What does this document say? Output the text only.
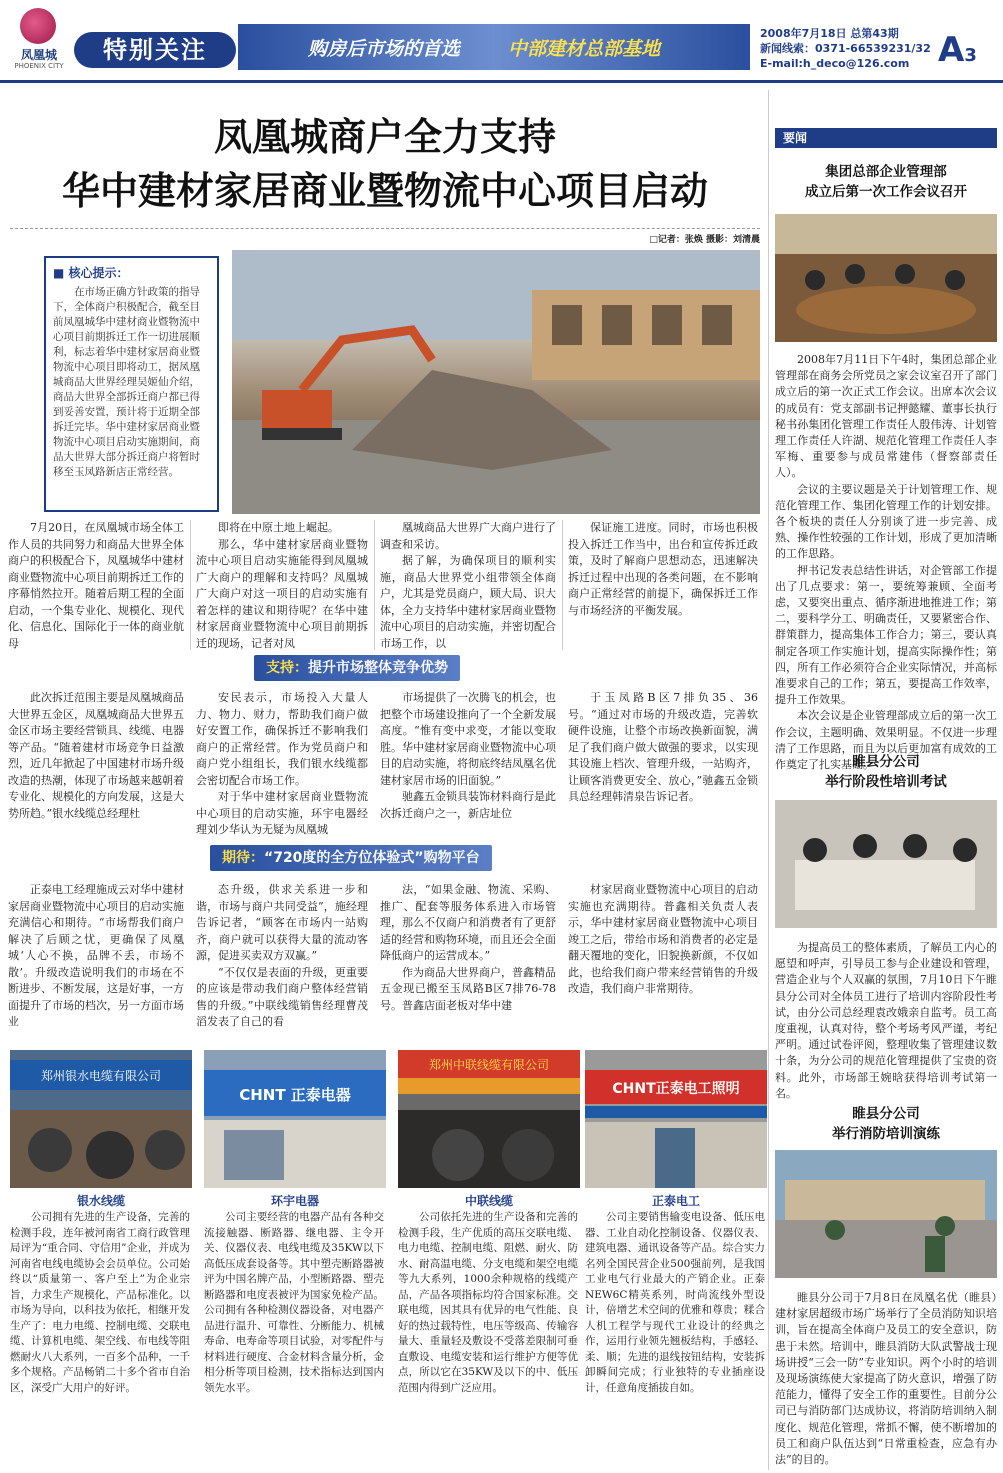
凤凰城
PHOENIX CITY
特别关注	购房后市场的首选	中部建材总部基地
2008年7月18日 总第43期
新闻线索：0371-66539231/32
E-mail:h_deco@126.com A3
凤凰城商户全力支持
华中建材家居商业暨物流中心项目启动
□记者：张焕 摄影：刘清晨
■ 核心提示：

在市场正确方针政策的指导下，全体商户积极配合，截至目前凤凰城华中建材商业暨物流中心项目前期拆迁工作一切进展顺利，标志着华中建材家居商业暨物流中心项目即将动工，据凤凰城商品大世界经理吴姬仙介绍，商品大世界全部拆迁商户都已得到妥善安置，预计将于近期全部拆迁完毕。华中建材家居商业暨物流中心项目启动实施期间，商品大世界大部分拆迁商户将暂时移至玉凤路新店正常经营。

7月20日，在凤凰城市场全体工作人员的共同努力和商品大世界全体商户的积极配合下，凤凰城华中建材商业暨物流中心项目前期拆迁工作的序幕悄然拉开。随着后期工程的全面启动，一个集专业化、规模化、现代化、信息化、国际化于一体的商业航母

即将在中原土地上崛起。

那么，华中建材家居商业暨物流中心项目启动实施能得到凤凰城广大商户的理解和支持吗？凤凰城广大商户对这一项目的启动实施有着怎样的建议和期待呢？在华中建材家居商业暨物流中心项目前期拆迁的现场，记者对凤

凰城商品大世界广大商户进行了调查和采访。

据了解，为确保项目的顺利实施，商品大世界党小组带领全体商户，尤其是党员商户，顾大局、识大体，全力支持华中建材家居商业暨物流中心项目的启动实施，并密切配合市场工作，以

保证施工进度。同时，市场也积极投入拆迁工作当中，出台和宣传拆迁政策，及时了解商户思想动态，迅速解决拆迁过程中出现的各类问题，在不影响商户正常经营的前提下，确保拆迁工作与市场经济的平衡发展。

支持：提升市场整体竞争优势

此次拆迁范围主要是凤凰城商品大世界五金区，凤凰城商品大世界五金区市场主要经营锁具、线缆、电器等产品。“随着建材市场竞争日益激烈，近几年掀起了中国建材市场升级改造的热潮，体现了市场越来越朝着专业化、规模化的方向发展，这是大势所趋。”银水线缆总经理杜

安民表示，市场投入大量人力、物力、财力，帮助我们商户做好安置工作，确保拆迁不影响我们商户的正常经营。作为党员商户和商户党小组组长，我们银水线缆都会密切配合市场工作。

对于华中建材家居商业暨物流中心项目的启动实施，环宇电器经理刘少华认为无疑为凤凰城

市场提供了一次腾飞的机会，也把整个市场建设推向了一个全新发展高度。“惟有变中求变，才能以变取胜。华中建材家居商业暨物流中心项目的启动实施，将彻底终结凤凰名优建材家居市场的旧面貌。”

驰鑫五金锁具装饰材料商行是此次拆迁商户之一，新店址位

于玉凤路B区7排负35、36号。“通过对市场的升级改造，完善软硬件设施，让整个市场改换新面貌，满足了我们商户做大做强的要求，以实现其设施上档次、管理升级，一站购齐，让顾客消费更安全、放心，”驰鑫五金锁具总经理韩清泉告诉记者。

期待：“720度的全方位体验式”购物平台

正泰电工经理施成云对华中建材家居商业暨物流中心项目的启动实施充满信心和期待。“市场帮我们商户解决了后顾之忧，更确保了凤凰城‘人心不换，品牌不丢，市场不散’。升级改造说明我们的市场在不断进步、不断发展，这是好事，一方面提升了市场的档次，另一方面市场业

态升级，供求关系进一步和谐，市场与商户共同受益”，施经理告诉记者，“顾客在市场内一站购齐，商户就可以获得大量的流动客源，促进买卖双方双赢。”

“不仅仅是表面的升级，更重要的应该是带动我们商户整体经营销售的升级。”中联线缆销售经理曹茂滔发表了自己的看

法，“如果金融、物流、采购、推广、配套等服务体系进入市场管理，那么不仅商户和消费者有了更舒适的经营和购物环境，而且还会全面降低商户的运营成本。”

作为商品大世界商户，普鑫精品五金现已搬至玉凤路B区7排76-78号。普鑫店面老板对华中建

材家居商业暨物流中心项目的启动实施也充满期待。普鑫相关负责人表示，华中建材家居商业暨物流中心项目竣工之后，带给市场和消费者的必定是翻天覆地的变化，旧貌换新颜，不仅如此，也给我们商户带来经营销售的升级改造，我们商户非常期待。

郑州银水电缆有限公司
CHNT 正泰电器
郑州中联线缆有限公司
CHNT正泰电工照明
银水线缆	环宇电器	中联线缆	正泰电工

公司拥有先进的生产设备，完善的检测手段，连年被河南省工商行政管理局评为“重合同、守信用”企业，并成为河南省电线电缆协会会员单位。公司始终以“质量第一、客户至上”为企业宗旨，力求生产规模化，产品标准化。以市场为导向，以科技为依托，相继开发生产了：电力电缆、控制电缆、交联电缆、计算机电缆、架空线、布电线等阻燃耐火八大系列，一百多个品种，一千多个规格。产品畅销二十多个省市自治区，深受广大用户的好评。

公司主要经营的电器产品有各种交流接触器、断路器、继电器、主令开关、仪器仪表、电线电缆及35KW以下高低压成套设备等。其中塑壳断路器被评为中国名牌产品，小型断路器、塑壳断路器和电度表被评为国家免检产品。公司拥有各种检测仪器设备，对电器产品进行温升、可靠性、分断能力、机械寿命、电寿命等项目试验，对零配件与材料进行硬度、合金材料含量分析，金相分析等项目检测，技术指标达到国内领先水平。

公司依托先进的生产设备和完善的检测手段，生产优质的高压交联电缆、电力电缆、控制电缆、阻燃、耐火、防水、耐高温电缆、分支电缆和架空电缆等九大系列，1000余种规格的线缆产品，产品各项指标均符合国家标准。交联电缆，因其具有优异的电气性能、良好的热过载特性，电压等级高、传输容量大、重量轻及敷设不受落差限制可垂直敷设、电缆安装和运行维护方便等优点，所以它在35KW及以下的中、低压范围内得到广泛应用。

公司主要销售输变电设备、低压电器、工业自动化控制设备、仪器仪表、建筑电器、通讯设备等产品。综合实力名列全国民营企业500强前列，是我国工业电气行业最大的产销企业。正泰NEW6C精英系列，时尚流线外型设计，倍增艺术空间的优雅和尊贵；糅合人机工程学与现代工业设计的经典之作，运用行业领先翘板结构，手感轻、柔、顺；先进的退线按钮结构，安装拆卸瞬间完成；行业独特的专业插座设计，任意角度插拔自如。

要闻
集团总部企业管理部
成立后第一次工作会议召开

2008年7月11日下午4时，集团总部企业管理部在商务会所党员之家会议室召开了部门成立后的第一次正式工作会议。出席本次会议的成员有：党支部副书记押懿耀、董事长执行秘书孙集团化管理工作责任人殷伟涛、计划管理工作责任人许湖、规范化管理工作责任人李军梅、重要参与成员常建伟（督察部责任人）。

会议的主要议题是关于计划管理工作、规范化管理工作、集团化管理工作的计划安排。各个板块的责任人分别谈了进一步完善、成熟、操作性较强的工作计划，形成了更加清晰的工作思路。

押书记发表总结性讲话，对企管部工作提出了几点要求：第一，要统筹兼顾、全面考虑，又要突出重点、循序渐进地推进工作；第二，要科学分工、明确责任，又要紧密合作、群策群力，提高集体工作合力；第三，要认真制定各项工作实施计划，提高实际操作性；第四，所有工作必须符合企业实际情况，并高标准要求自己的工作；第五，要提高工作效率，提升工作效果。

本次会议是企业管理部成立后的第一次工作会议，主题明确、效果明显。不仅进一步理清了工作思路，而且为以后更加富有成效的工作奠定了扎实基础。

睢县分公司
举行阶段性培训考试

为提高员工的整体素质，了解员工内心的愿望和呼声，引导员工参与企业建设和管理，营造企业与个人双赢的氛围，7月10日下午睢县分公司对全体员工进行了培训内容阶段性考试，由分公司总经理袁改娥亲自监考。员工高度重视，认真对待，整个考场考风严谨，考纪严明。通过试卷评阅，整理收集了管理建议数十条，为分公司的规范化管理提供了宝贵的资料。此外，市场部王婉晗获得培训考试第一名。

睢县分公司
举行消防培训演练

睢县分公司于7月8日在凤凰名优（睢县）建材家居超级市场广场举行了全员消防知识培训，旨在提高全体商户及员工的安全意识，防患于未然。培训中，睢县消防大队武警战士现场讲授“三会一防”专业知识。两个小时的培训及现场演练使大家提高了防火意识，增强了防范能力，懂得了安全工作的重要性。目前分公司已与消防部门达成协议，将消防培训纳入制度化、规范化管理，常抓不懈，使不断增加的员工和商户队伍达到“日常重检查，应急有办法”的目的。
